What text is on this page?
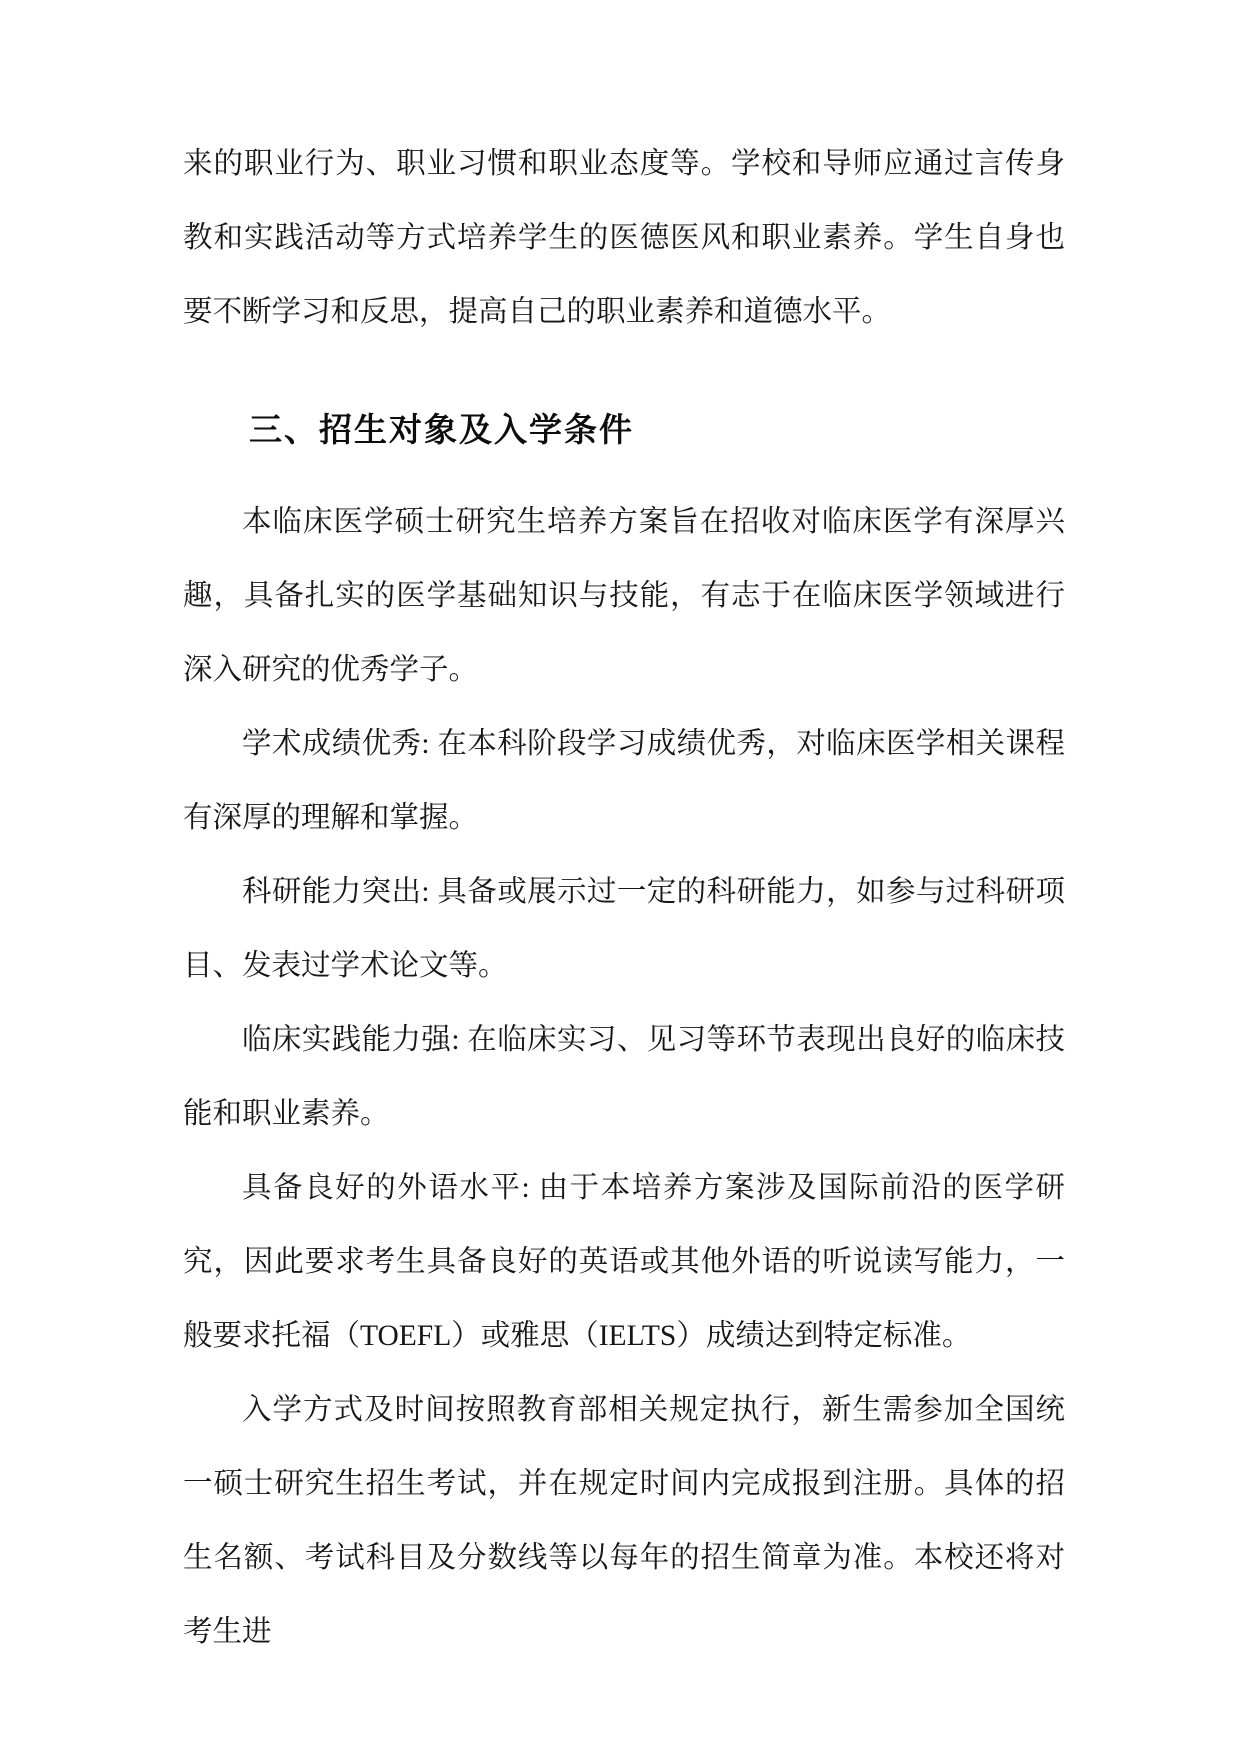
来的职业行为、职业习惯和职业态度等。学校和导师应通过言传身教和实践活动等方式培养学生的医德医风和职业素养。学生自身也要不断学习和反思，提高自己的职业素养和道德水平。

三、招生对象及入学条件

本临床医学硕士研究生培养方案旨在招收对临床医学有深厚兴趣，具备扎实的医学基础知识与技能，有志于在临床医学领域进行深入研究的优秀学子。

学术成绩优秀: 在本科阶段学习成绩优秀，对临床医学相关课程有深厚的理解和掌握。

科研能力突出: 具备或展示过一定的科研能力，如参与过科研项目、发表过学术论文等。

临床实践能力强: 在临床实习、见习等环节表现出良好的临床技能和职业素养。

具备良好的外语水平: 由于本培养方案涉及国际前沿的医学研究，因此要求考生具备良好的英语或其他外语的听说读写能力，一般要求托福（TOEFL）或雅思（IELTS）成绩达到特定标准。

入学方式及时间按照教育部相关规定执行，新生需参加全国统一硕士研究生招生考试，并在规定时间内完成报到注册。具体的招生名额、考试科目及分数线等以每年的招生简章为准。本校还将对考生进
